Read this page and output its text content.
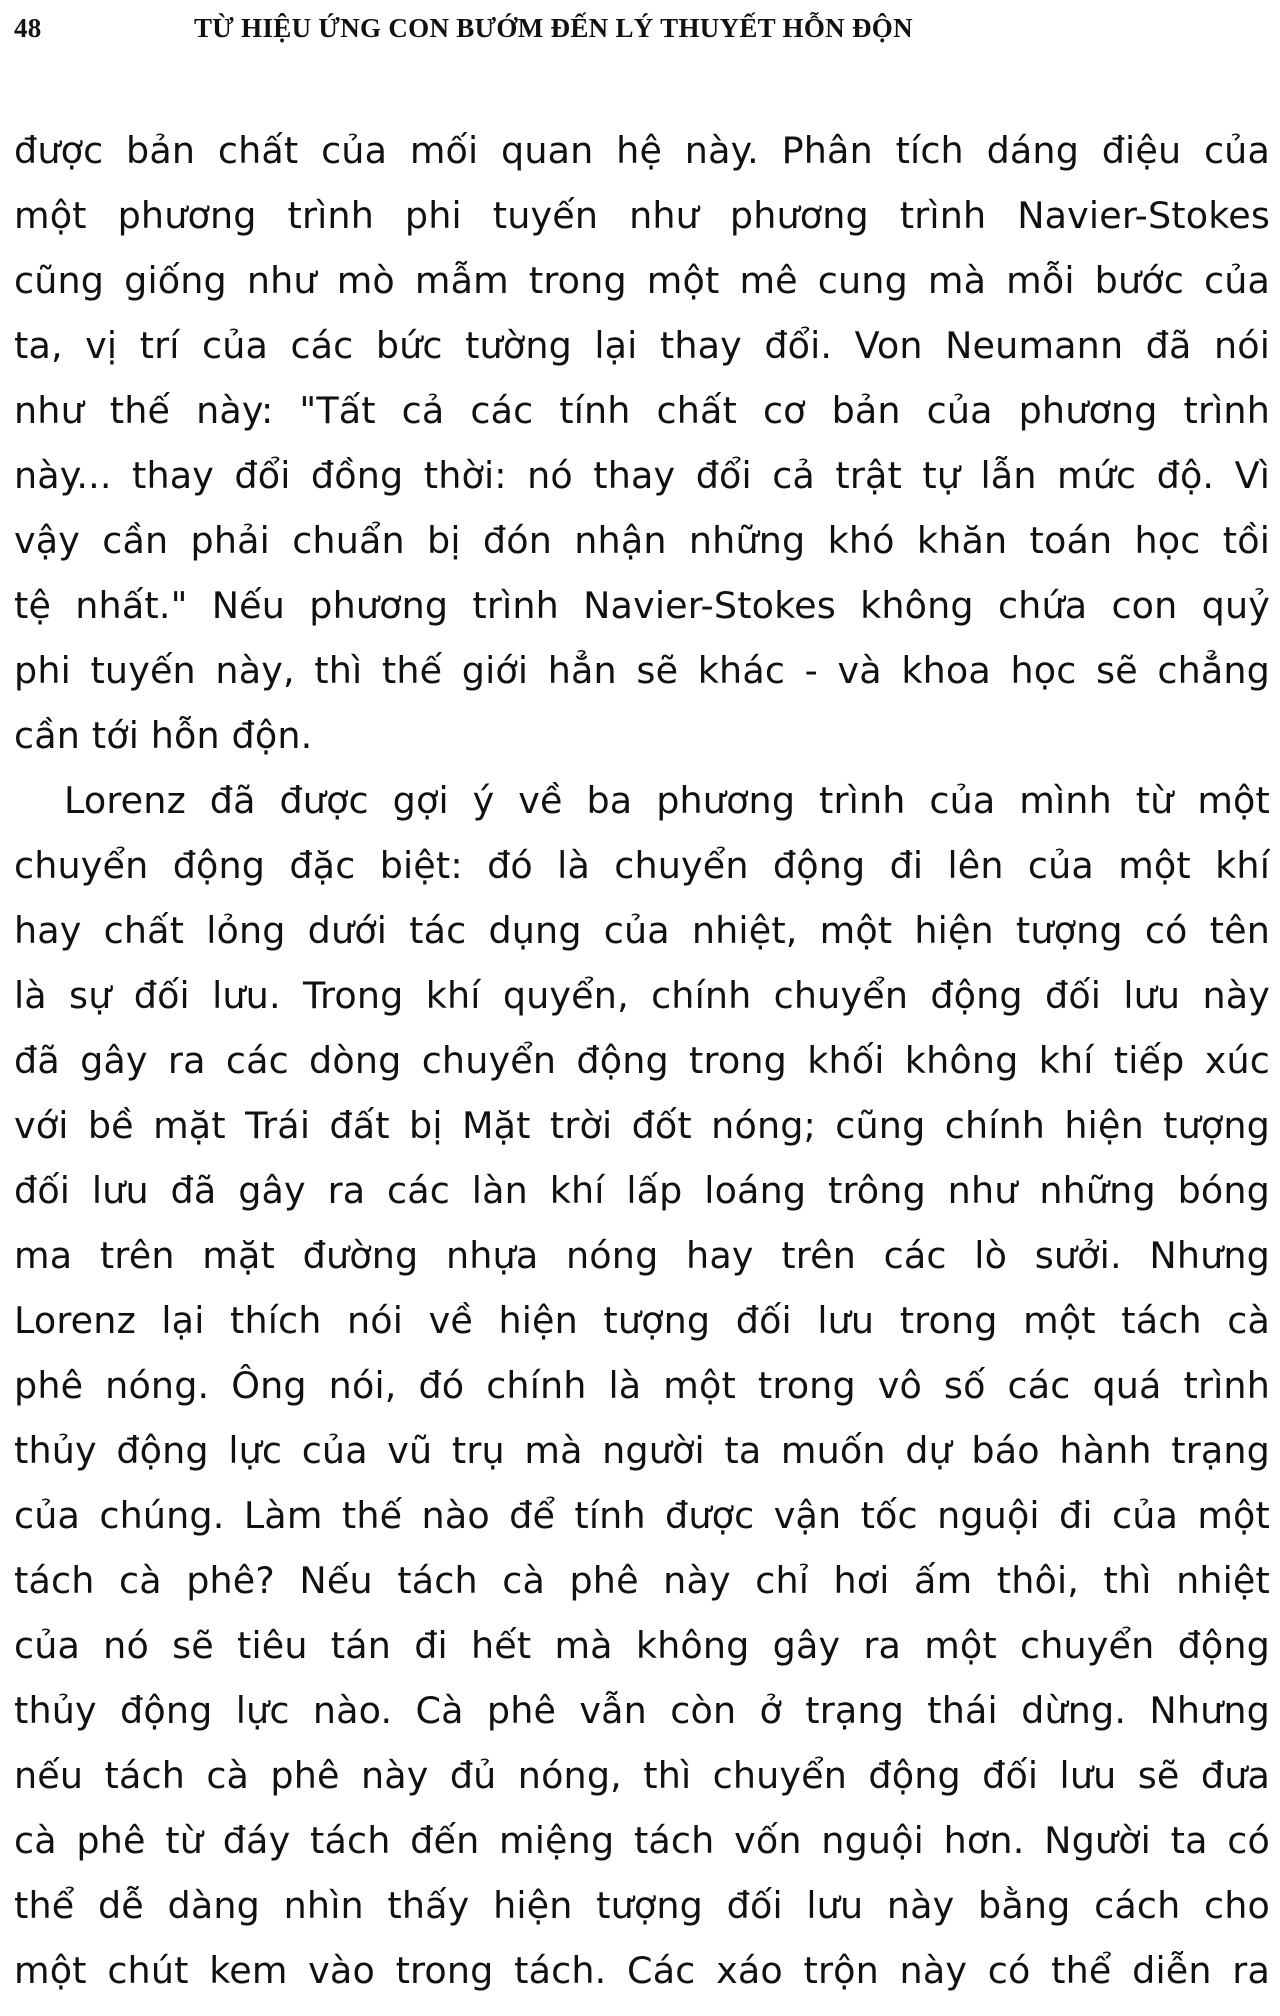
48	TỪ HIỆU ỨNG CON BƯỚM ĐẾN LÝ THUYẾT HỖN ĐỘN
được bản chất của mối quan hệ này. Phân tích dáng điệu của
một phương trình phi tuyến như phương trình Navier-Stokes
cũng giống như mò mẫm trong một mê cung mà mỗi bước của
ta, vị trí của các bức tường lại thay đổi. Von Neumann đã nói
như thế này: "Tất cả các tính chất cơ bản của phương trình
này... thay đổi đồng thời: nó thay đổi cả trật tự lẫn mức độ. Vì
vậy cần phải chuẩn bị đón nhận những khó khăn toán học tồi
tệ nhất." Nếu phương trình Navier-Stokes không chứa con quỷ
phi tuyến này, thì thế giới hẳn sẽ khác - và khoa học sẽ chẳng
cần tới hỗn độn.
Lorenz đã được gợi ý về ba phương trình của mình từ một
chuyển động đặc biệt: đó là chuyển động đi lên của một khí
hay chất lỏng dưới tác dụng của nhiệt, một hiện tượng có tên
là sự đối lưu. Trong khí quyển, chính chuyển động đối lưu này
đã gây ra các dòng chuyển động trong khối không khí tiếp xúc
với bề mặt Trái đất bị Mặt trời đốt nóng; cũng chính hiện tượng
đối lưu đã gây ra các làn khí lấp loáng trông như những bóng
ma trên mặt đường nhựa nóng hay trên các lò sưởi. Nhưng
Lorenz lại thích nói về hiện tượng đối lưu trong một tách cà
phê nóng. Ông nói, đó chính là một trong vô số các quá trình
thủy động lực của vũ trụ mà người ta muốn dự báo hành trạng
của chúng. Làm thế nào để tính được vận tốc nguội đi của một
tách cà phê? Nếu tách cà phê này chỉ hơi ấm thôi, thì nhiệt
của nó sẽ tiêu tán đi hết mà không gây ra một chuyển động
thủy động lực nào. Cà phê vẫn còn ở trạng thái dừng. Nhưng
nếu tách cà phê này đủ nóng, thì chuyển động đối lưu sẽ đưa
cà phê từ đáy tách đến miệng tách vốn nguội hơn. Người ta có
thể dễ dàng nhìn thấy hiện tượng đối lưu này bằng cách cho
một chút kem vào trong tách. Các xáo trộn này có thể diễn ra
